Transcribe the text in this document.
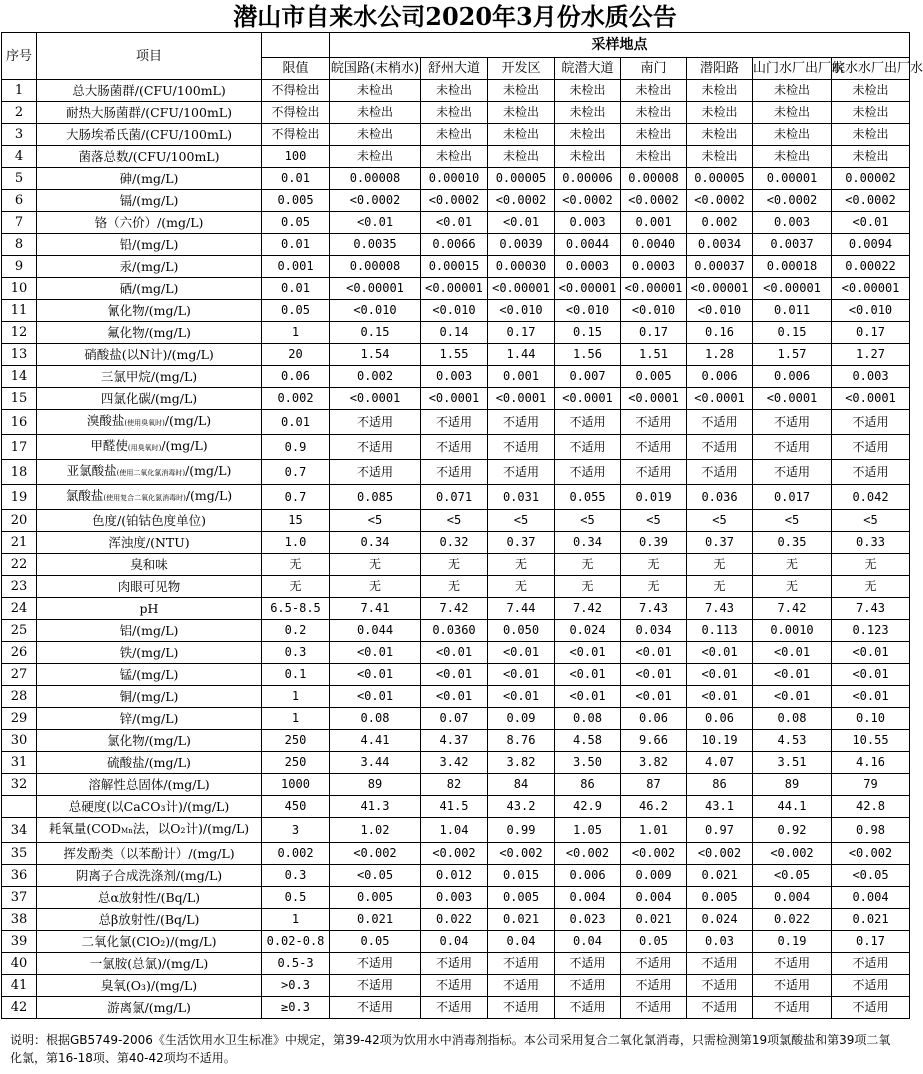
潜山市自来水公司2020年3月份水质公告
序号	项目		采样地点							
		限值	皖国路(末梢水)	舒州大道	开发区	皖潜大道	南门	潜阳路	山门水厂出厂水	皖水水厂出厂水
1	总大肠菌群/(CFU/100mL)	不得检出	未检出	未检出	未检出	未检出	未检出	未检出	未检出	未检出
2	耐热大肠菌群/(CFU/100mL)	不得检出	未检出	未检出	未检出	未检出	未检出	未检出	未检出	未检出
3	大肠埃希氏菌/(CFU/100mL)	不得检出	未检出	未检出	未检出	未检出	未检出	未检出	未检出	未检出
4	菌落总数/(CFU/100mL)	100	未检出	未检出	未检出	未检出	未检出	未检出	未检出	未检出
5	砷/(mg/L)	0.01	0.00008	0.00010	0.00005	0.00006	0.00008	0.00005	0.00001	0.00002
6	镉/(mg/L)	0.005	<0.0002	<0.0002	<0.0002	<0.0002	<0.0002	<0.0002	<0.0002	<0.0002
7	铬（六价）/(mg/L)	0.05	<0.01	<0.01	<0.01	0.003	0.001	0.002	0.003	<0.01
8	铅/(mg/L)	0.01	0.0035	0.0066	0.0039	0.0044	0.0040	0.0034	0.0037	0.0094
9	汞/(mg/L)	0.001	0.00008	0.00015	0.00030	0.0003	0.0003	0.00037	0.00018	0.00022
10	硒/(mg/L)	0.01	<0.00001	<0.00001	<0.00001	<0.00001	<0.00001	<0.00001	<0.00001	<0.00001
11	氰化物/(mg/L)	0.05	<0.010	<0.010	<0.010	<0.010	<0.010	<0.010	0.011	<0.010
12	氟化物/(mg/L)	1	0.15	0.14	0.17	0.15	0.17	0.16	0.15	0.17
13	硝酸盐(以N计)/(mg/L)	20	1.54	1.55	1.44	1.56	1.51	1.28	1.57	1.27
14	三氯甲烷/(mg/L)	0.06	0.002	0.003	0.001	0.007	0.005	0.006	0.006	0.003
15	四氯化碳/(mg/L)	0.002	<0.0001	<0.0001	<0.0001	<0.0001	<0.0001	<0.0001	<0.0001	<0.0001
16	溴酸盐(使用臭氧时)/(mg/L)	0.01	不适用	不适用	不适用	不适用	不适用	不适用	不适用	不适用
17	甲醛使(用臭氧时)/(mg/L)	0.9	不适用	不适用	不适用	不适用	不适用	不适用	不适用	不适用
18	亚氯酸盐(使用二氧化氯消毒时)/(mg/L)	0.7	不适用	不适用	不适用	不适用	不适用	不适用	不适用	不适用
19	氯酸盐(使用复合二氧化氯消毒时)/(mg/L)	0.7	0.085	0.071	0.031	0.055	0.019	0.036	0.017	0.042
20	色度/(铂钴色度单位)	15	<5	<5	<5	<5	<5	<5	<5	<5
21	浑浊度/(NTU)	1.0	0.34	0.32	0.37	0.34	0.39	0.37	0.35	0.33
22	臭和味	无	无	无	无	无	无	无	无	无
23	肉眼可见物	无	无	无	无	无	无	无	无	无
24	pH	6.5-8.5	7.41	7.42	7.44	7.42	7.43	7.43	7.42	7.43
25	铝/(mg/L)	0.2	0.044	0.0360	0.050	0.024	0.034	0.113	0.0010	0.123
26	铁/(mg/L)	0.3	<0.01	<0.01	<0.01	<0.01	<0.01	<0.01	<0.01	<0.01
27	锰/(mg/L)	0.1	<0.01	<0.01	<0.01	<0.01	<0.01	<0.01	<0.01	<0.01
28	铜/(mg/L)	1	<0.01	<0.01	<0.01	<0.01	<0.01	<0.01	<0.01	<0.01
29	锌/(mg/L)	1	0.08	0.07	0.09	0.08	0.06	0.06	0.08	0.10
30	氯化物/(mg/L)	250	4.41	4.37	8.76	4.58	9.66	10.19	4.53	10.55
31	硫酸盐/(mg/L)	250	3.44	3.42	3.82	3.50	3.82	4.07	3.51	4.16
32	溶解性总固体/(mg/L)	1000	89	82	84	86	87	86	89	79
	总硬度(以CaCO₃计)/(mg/L)	450	41.3	41.5	43.2	42.9	46.2	43.1	44.1	42.8
34	耗氧量(CODMn法，以O₂计)/(mg/L)	3	1.02	1.04	0.99	1.05	1.01	0.97	0.92	0.98
35	挥发酚类（以苯酚计）/(mg/L)	0.002	<0.002	<0.002	<0.002	<0.002	<0.002	<0.002	<0.002	<0.002
36	阴离子合成洗涤剂/(mg/L)	0.3	<0.05	0.012	0.015	0.006	0.009	0.021	<0.05	<0.05
37	总α放射性/(Bq/L)	0.5	0.005	0.003	0.005	0.004	0.004	0.005	0.004	0.004
38	总β放射性/(Bq/L)	1	0.021	0.022	0.021	0.023	0.021	0.024	0.022	0.021
39	二氧化氯(ClO₂)/(mg/L)	0.02-0.8	0.05	0.04	0.04	0.04	0.05	0.03	0.19	0.17
40	一氯胺(总氯)/(mg/L)	0.5-3	不适用	不适用	不适用	不适用	不适用	不适用	不适用	不适用
41	臭氧(O₃)/(mg/L)	>0.3	不适用	不适用	不适用	不适用	不适用	不适用	不适用	不适用
42	游离氯/(mg/L)	≥0.3	不适用	不适用	不适用	不适用	不适用	不适用	不适用	不适用
说明：根据GB5749-2006《生活饮用水卫生标准》中规定，第39-42项为饮用水中消毒剂指标。本公司采用复合二氧化氯消毒，只需检测第19项氯酸盐和第39项二氧化氯，第16-18项、第40-42项均不适用。
